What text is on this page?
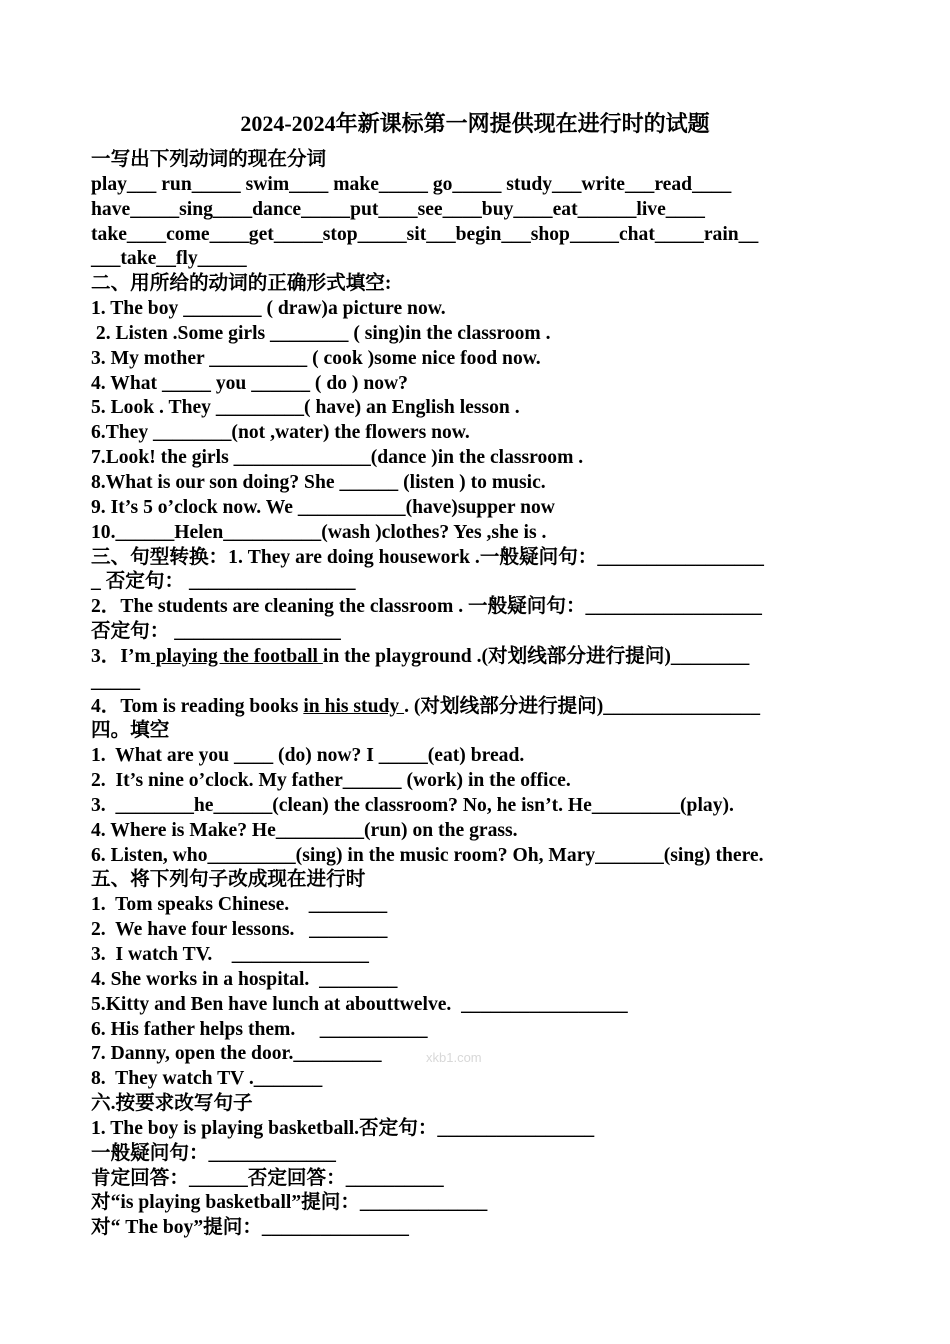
2024-2024年新课标第一网提供现在进行时的试题
一写出下列动词的现在分词
play___ run_____ swim____ make_____ go_____ study___write___read____
have_____sing____dance_____put____see____buy____eat______live____
take____come____get_____stop_____sit___begin___shop_____chat_____rain__
___take__fly_____
二、用所给的动词的正确形式填空:
1. The boy ________ ( draw)a picture now.
2. Listen .Some girls ________ ( sing)in the classroom .
3. My mother __________ ( cook )some nice food now.
4. What _____ you ______ ( do ) now?
5. Look . They _________( have) an English lesson .
6.They ________(not ,water) the flowers now.
7.Look! the girls ______________(dance )in the classroom .
8.What is our son doing? She ______ (listen ) to music.
9. It’s 5 o’clock now. We ___________(have)supper now
10.______Helen__________(wash )clothes? Yes ,she is .
三、句型转换：1. They are doing housework .一般疑问句：_________________
_ 否定句： _________________
2．The students are cleaning the classroom . 一般疑问句：__________________
否定句： _________________
3．I’m playing the football in the playground .(对划线部分进行提问)________
_____
4．Tom is reading books in his study . (对划线部分进行提问)________________
四。填空
1.  What are you ____ (do) now? I _____(eat) bread.
2.  It’s nine o’clock. My father______ (work) in the office.
3.  ________he______(clean) the classroom? No, he isn’t. He_________(play).
4. Where is Make? He_________(run) on the grass.
6. Listen, who_________(sing) in the music room? Oh, Mary_______(sing) there.
五、将下列句子改成现在进行时
1.  Tom speaks Chinese.    ________
2.  We have four lessons.   ________
3.  I watch TV.    ______________
4. She works in a hospital.  ________
5.Kitty and Ben have lunch at abouttwelve.  _________________
6. His father helps them.     ___________
7. Danny, open the door._________
8.  They watch TV ._______
六.按要求改写句子
1. The boy is playing basketball.否定句：________________
一般疑问句：_____________
肯定回答：______否定回答：__________
对“is playing basketball”提问：_____________
对“ The boy”提问：_______________
xkb1.com
